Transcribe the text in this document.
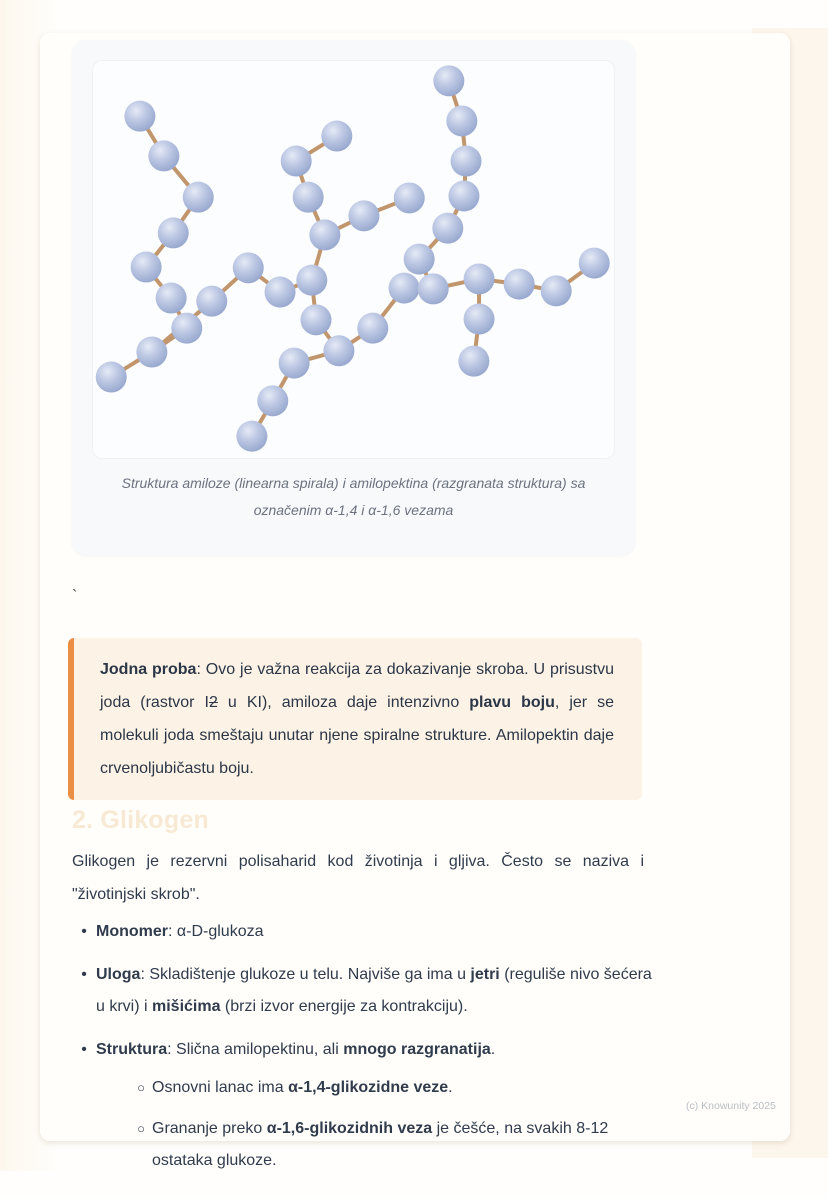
Struktura amiloze (linearna spirala) i amilopektina (razgranata struktura) sa označenim α-1,4 i α-1,6 vezama
`

Jodna proba: Ovo je važna reakcija za dokazivanje skroba. U prisustvu joda (rastvor I2 u KI), amiloza daje intenzivno plavu boju, jer se molekuli joda smeštaju unutar njene spiralne strukture. Amilopektin daje crvenoljubičastu boju.

2. Glikogen

Glikogen je rezervni polisaharid kod životinja i gljiva. Često se naziva i "životinjski skrob".

• Monomer: α-D-glukoza
• Uloga: Skladištenje glukoze u telu. Najviše ga ima u jetri (reguliše nivo šećera u krvi) i mišićima (brzi izvor energije za kontrakciju).
• Struktura: Slična amilopektinu, ali mnogo razgranatija.
○ Osnovni lanac ima α-1,4-glikozidne veze.
○ Grananje preko α-1,6-glikozidnih veza je češće, na svakih 8-12 ostataka glukoze.
(c) Knowunity 2025
